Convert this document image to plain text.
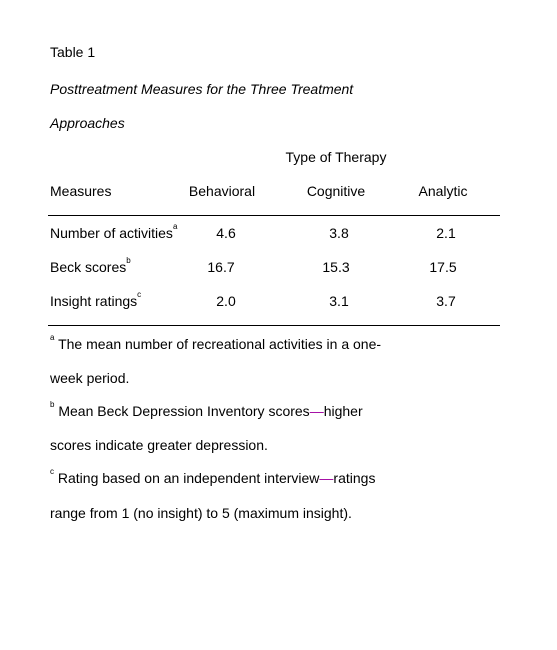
Table 1
Posttreatment Measures for the Three Treatment
Approaches
Type of Therapy
Measures	Behavioral	Cognitive	Analytic
Number of activities$^a$	4.6	3.8	2.1
Beck scores$^b$	16.7	15.3	17.5
Insight ratings$^c$	2.0	3.1	3.7
$^a$ The mean number of recreational activities in a one-
week period.
$^b$ Mean Beck Depression Inventory scores—higher
scores indicate greater depression.
$^c$ Rating based on an independent interview—ratings
range from 1 (no insight) to 5 (maximum insight).
